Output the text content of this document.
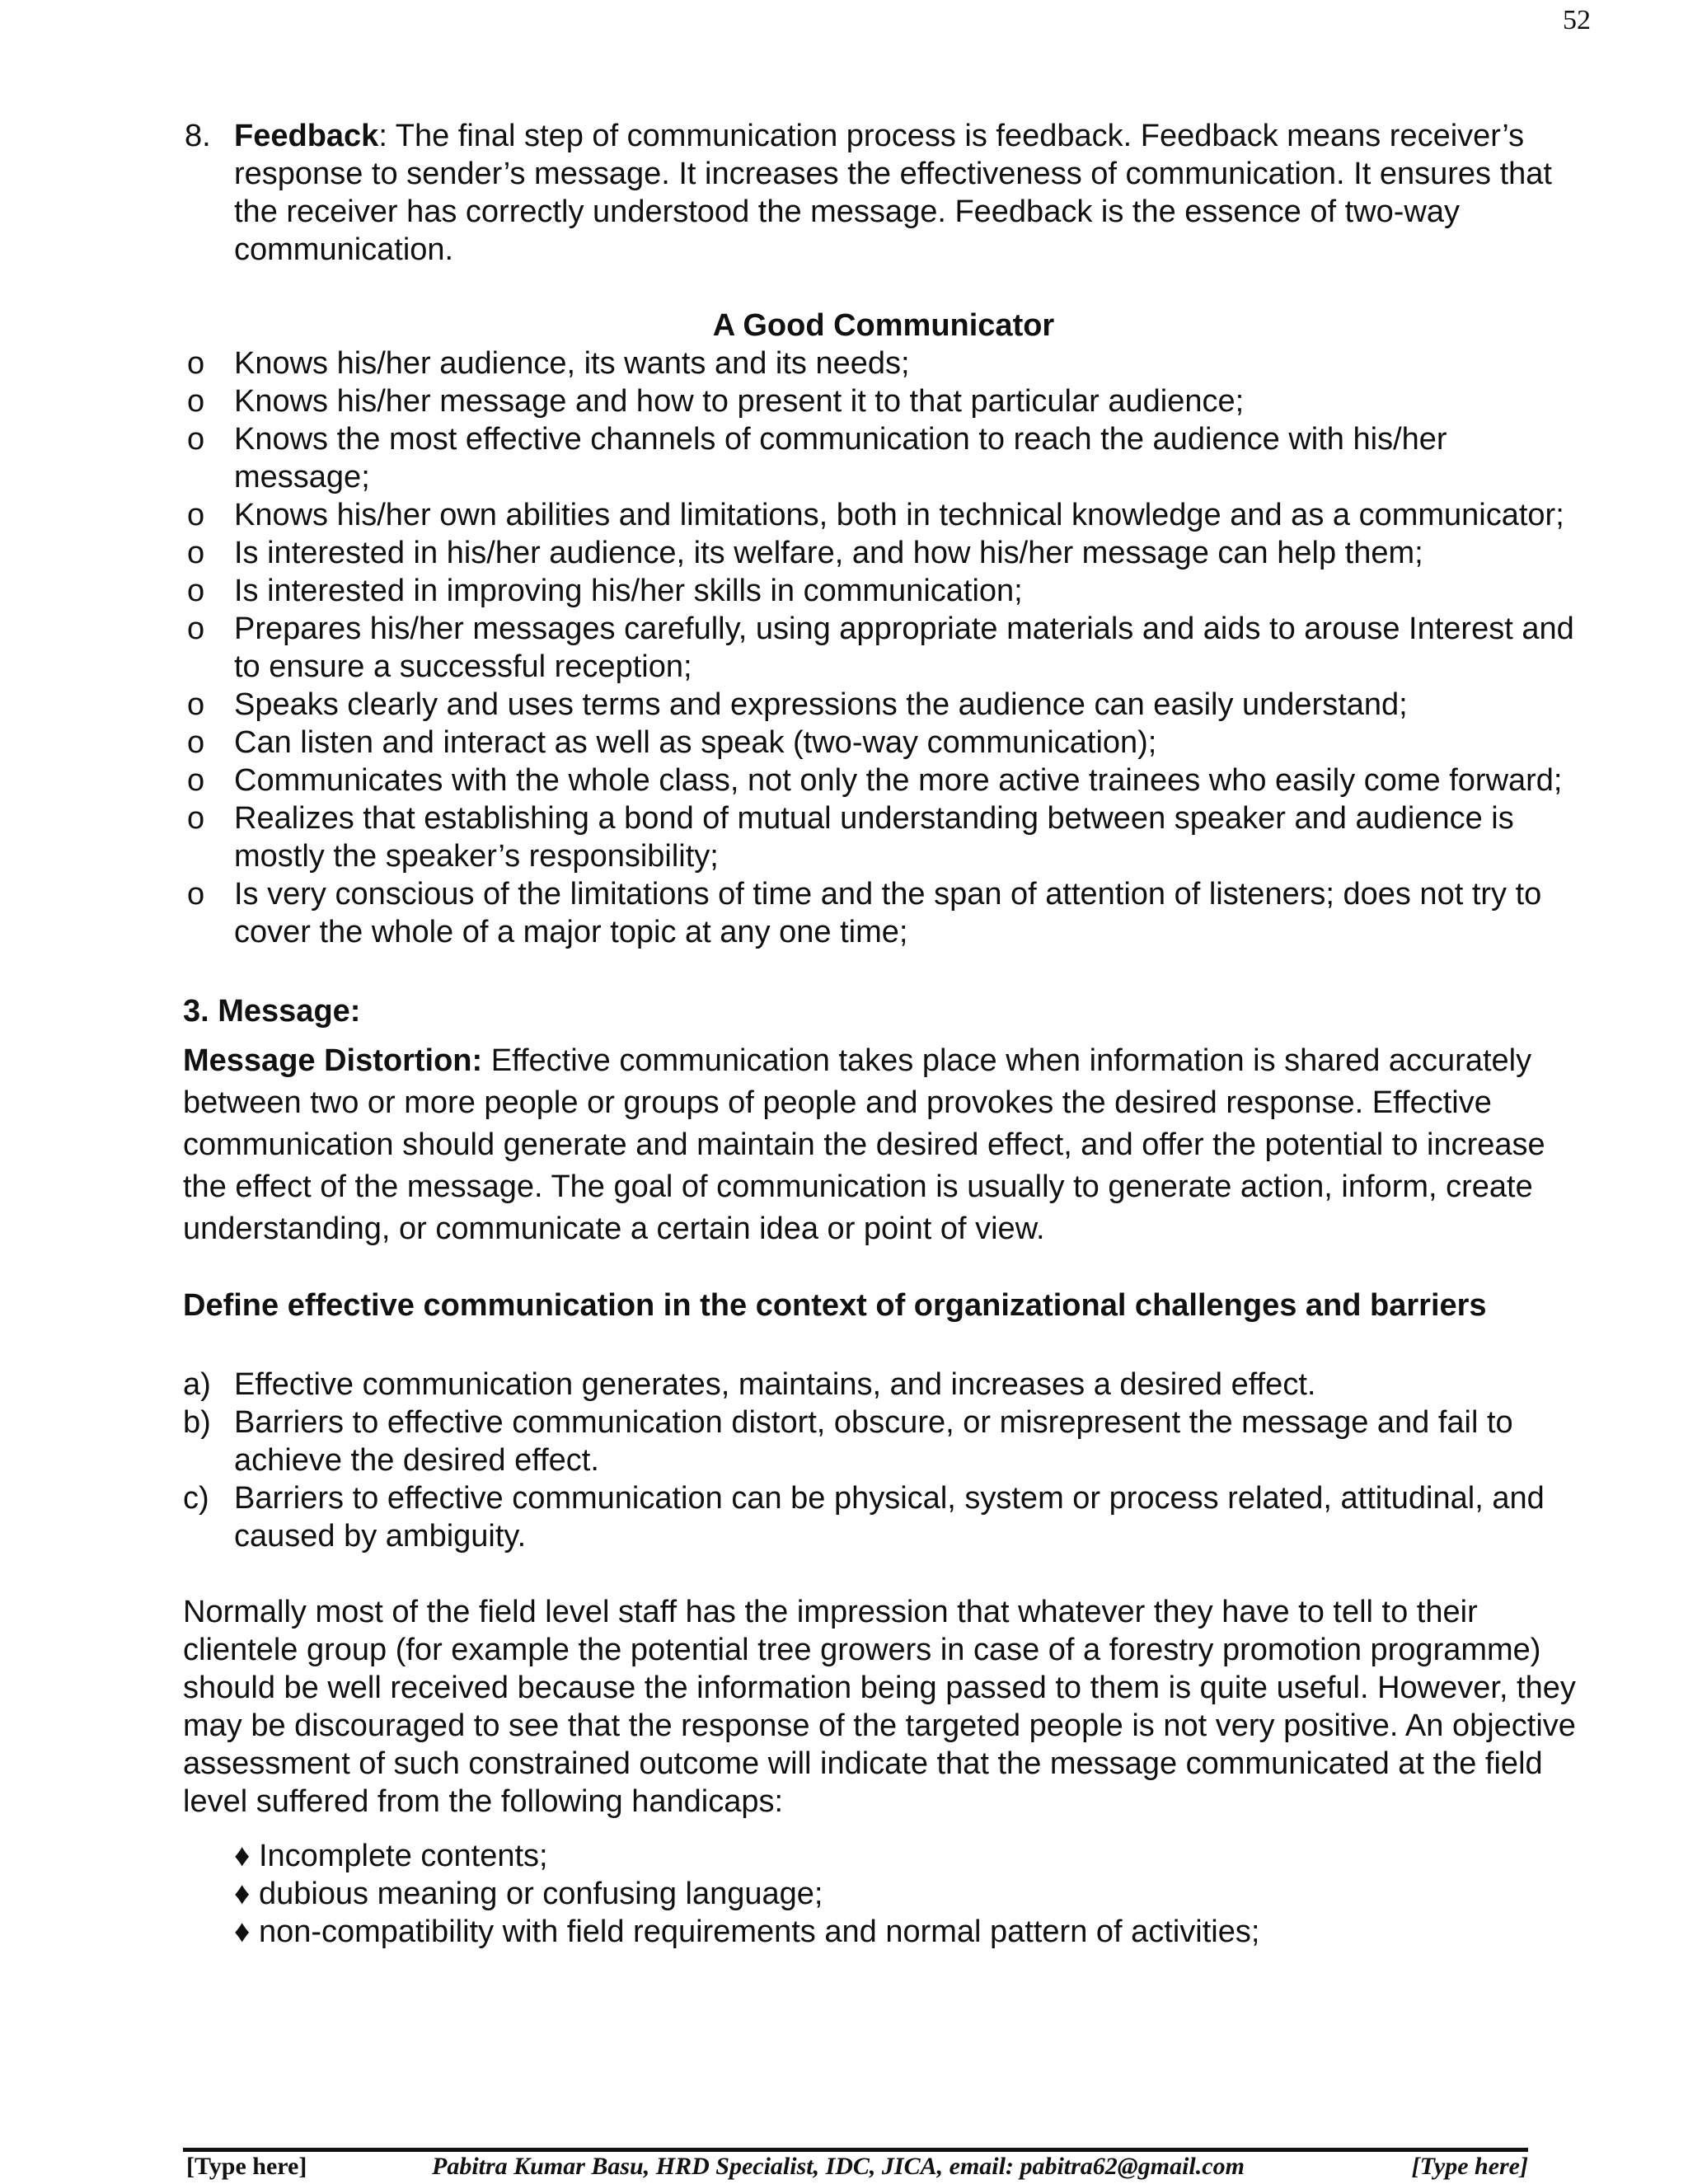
52
8. Feedback: The final step of communication process is feedback. Feedback means receiver’s response to sender’s message. It increases the effectiveness of communication. It ensures that the receiver has correctly understood the message. Feedback is the essence of two-way communication.
A Good Communicator
o Knows his/her audience, its wants and its needs;
o Knows his/her message and how to present it to that particular audience;
o Knows the most effective channels of communication to reach the audience with his/her message;
o Knows his/her own abilities and limitations, both in technical knowledge and as a communicator;
o Is interested in his/her audience, its welfare, and how his/her message can help them;
o Is interested in improving his/her skills in communication;
o Prepares his/her messages carefully, using appropriate materials and aids to arouse Interest and to ensure a successful reception;
o Speaks clearly and uses terms and expressions the audience can easily understand;
o Can listen and interact as well as speak (two-way communication);
o Communicates with the whole class, not only the more active trainees who easily come forward;
o Realizes that establishing a bond of mutual understanding between speaker and audience is mostly the speaker’s responsibility;
o Is very conscious of the limitations of time and the span of attention of listeners; does not try to cover the whole of a major topic at any one time;
3. Message:
Message Distortion: Effective communication takes place when information is shared accurately between two or more people or groups of people and provokes the desired response. Effective communication should generate and maintain the desired effect, and offer the potential to increase the effect of the message. The goal of communication is usually to generate action, inform, create understanding, or communicate a certain idea or point of view.
Define effective communication in the context of organizational challenges and barriers
a) Effective communication generates, maintains, and increases a desired effect.
b) Barriers to effective communication distort, obscure, or misrepresent the message and fail to achieve the desired effect.
c) Barriers to effective communication can be physical, system or process related, attitudinal, and caused by ambiguity.
Normally most of the field level staff has the impression that whatever they have to tell to their clientele group (for example the potential tree growers in case of a forestry promotion programme) should be well received because the information being passed to them is quite useful. However, they may be discouraged to see that the response of the targeted people is not very positive. An objective assessment of such constrained outcome will indicate that the message communicated at the field level suffered from the following handicaps:
♦ Incomplete contents;
♦ dubious meaning or confusing language;
♦ non-compatibility with field requirements and normal pattern of activities;
[Type here]	Pabitra Kumar Basu, HRD Specialist, IDC, JICA, email: pabitra62@gmail.com	[Type here]
